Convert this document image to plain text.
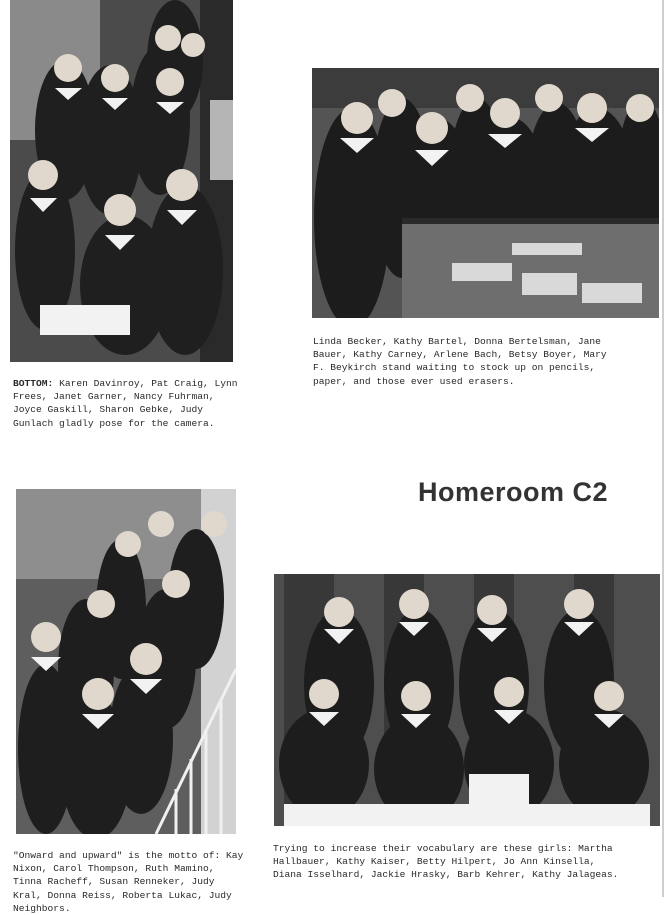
BOTTOM: Karen Davinroy, Pat Craig, Lynn Frees, Janet Garner, Nancy Fuhrman, Joyce Gaskill, Sharon Gebke, Judy Gunlach gladly pose for the camera.

Linda Becker, Kathy Bartel, Donna Bertelsman, Jane Bauer, Kathy Carney, Arlene Bach, Betsy Boyer, Mary F. Beykirch stand waiting to stock up on pencils, paper, and those ever used erasers.

Homeroom C2

"Onward and upward" is the motto of: Kay Nixon, Carol Thompson, Ruth Mamino, Tinna Racheff, Susan Renneker, Judy Kral, Donna Reiss, Roberta Lukac, Judy Neighbors.

Trying to increase their vocabulary are these girls: Martha Hallbauer, Kathy Kaiser, Betty Hilpert, Jo Ann Kinsella, Diana Isselhard, Jackie Hrasky, Barb Kehrer, Kathy Jalageas.
